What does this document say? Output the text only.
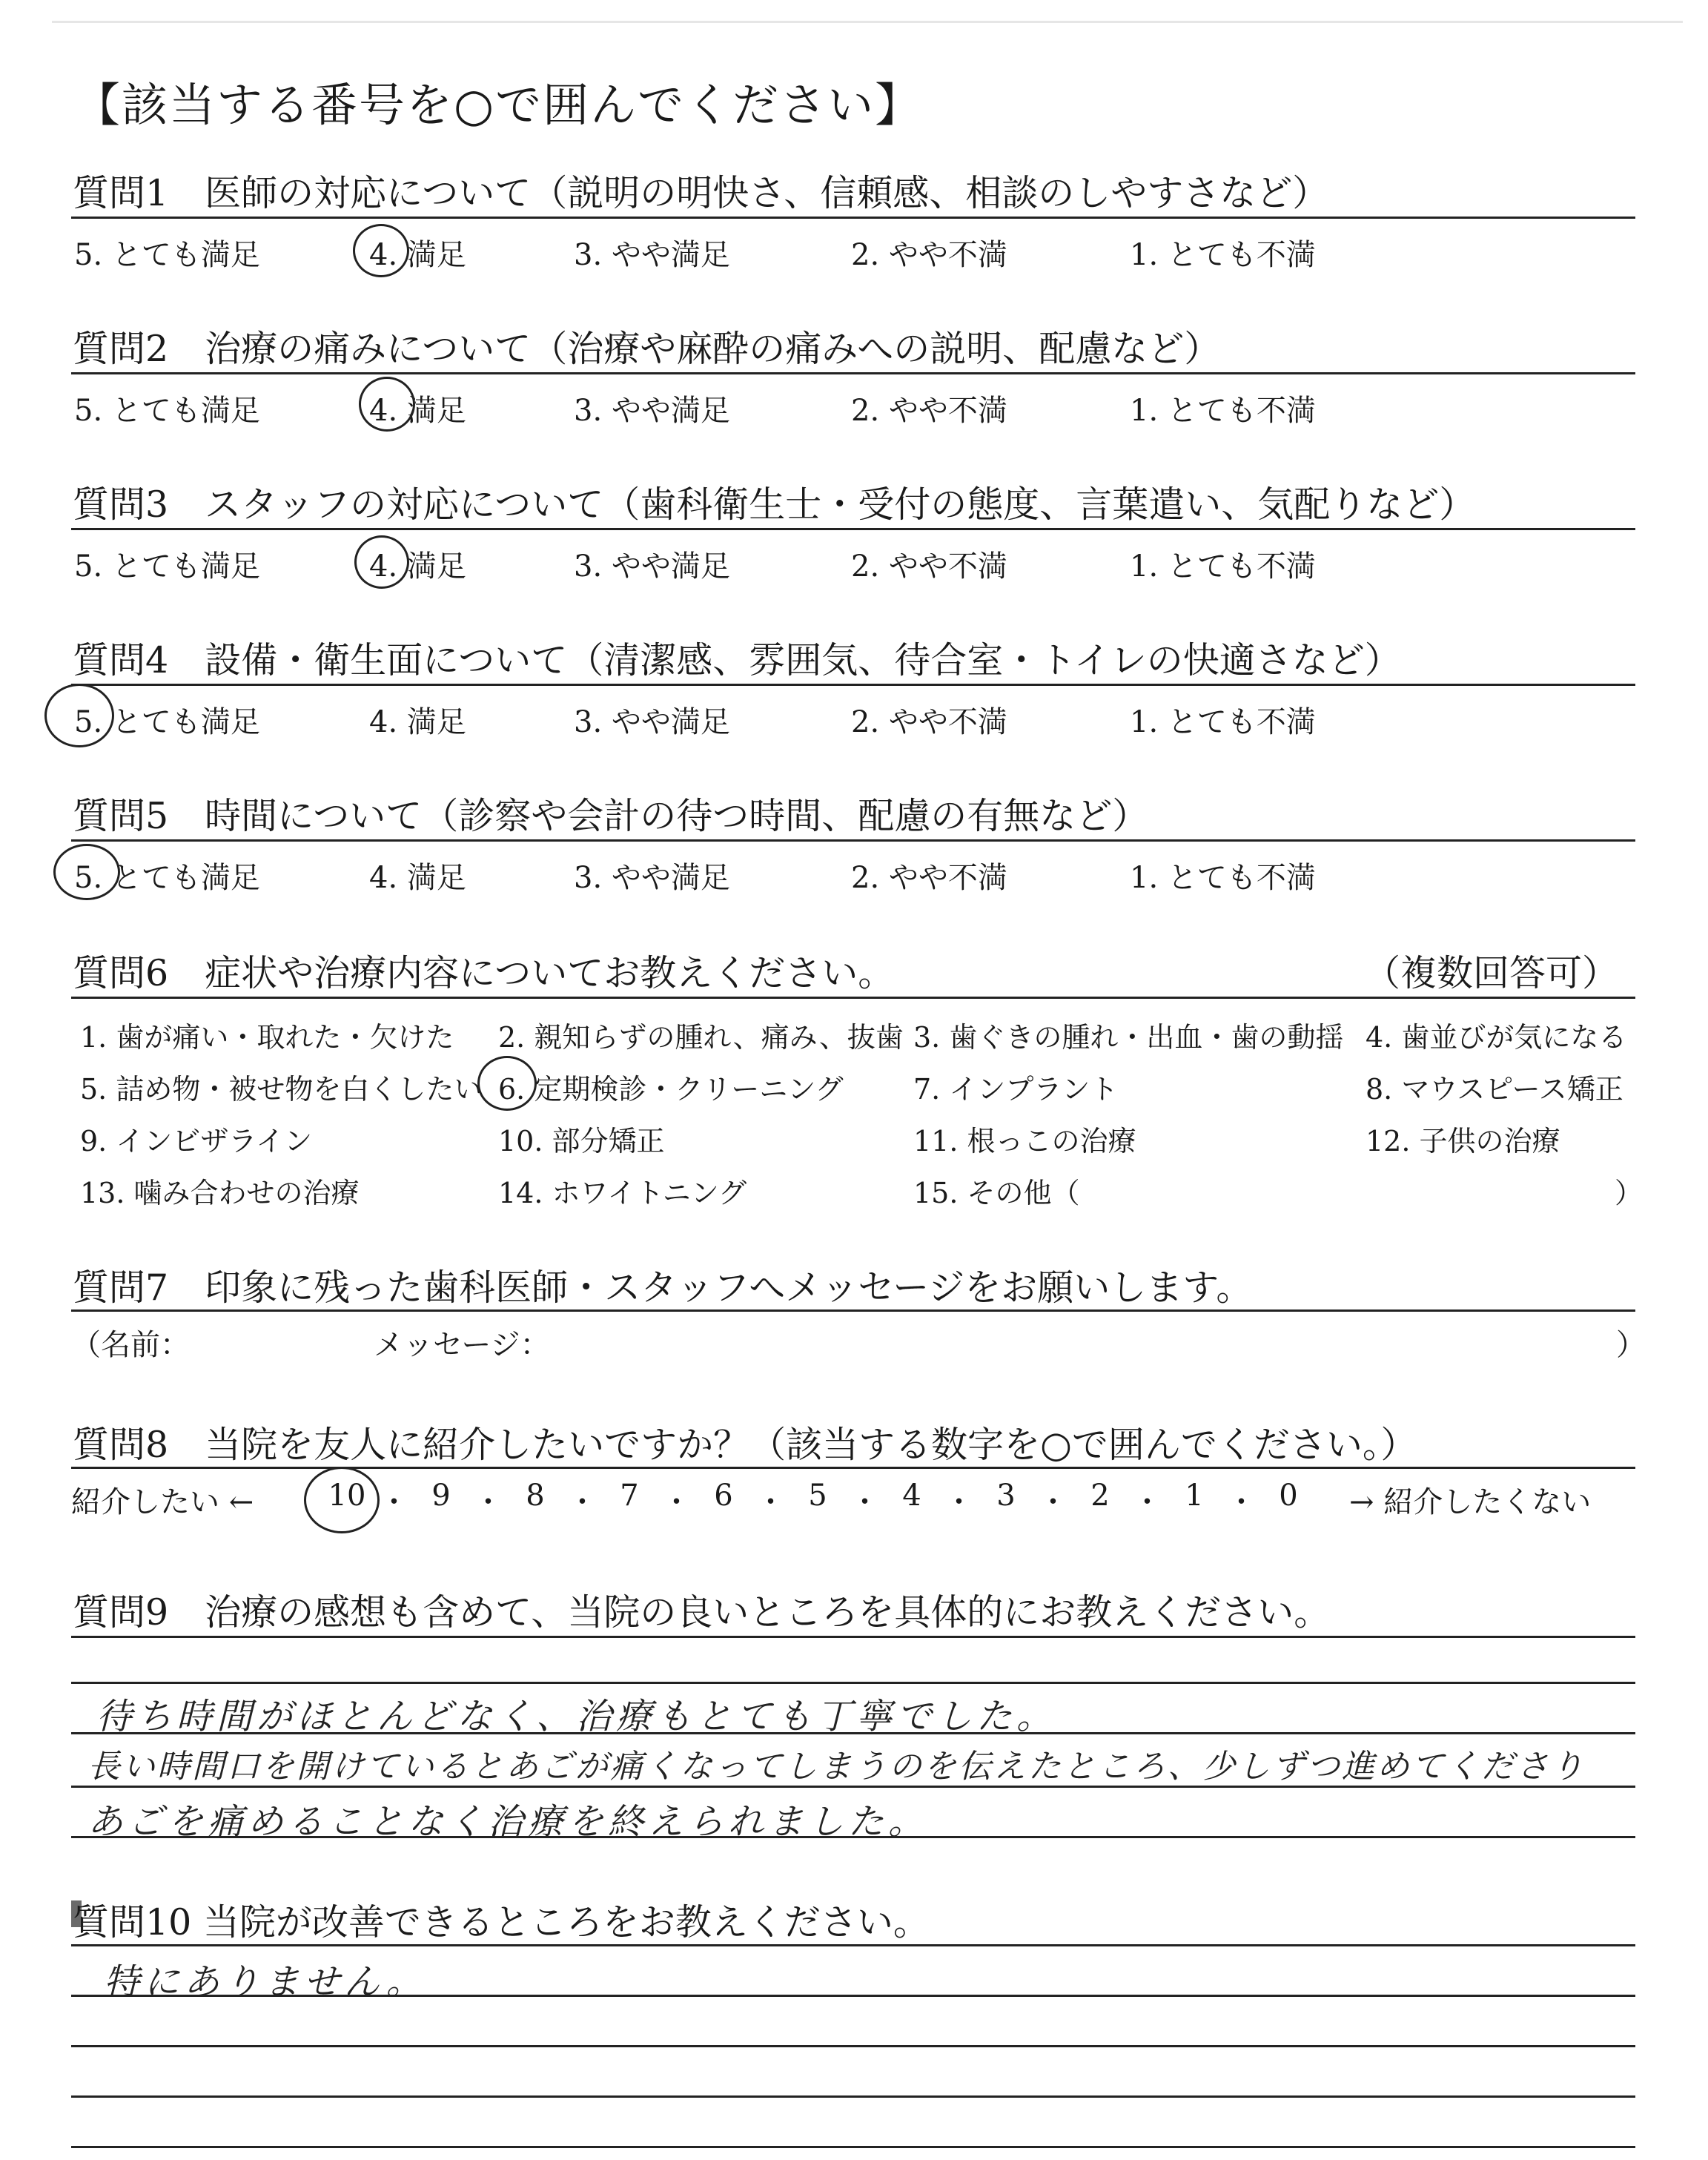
【該当する番号を○で囲んでください】
質問1　医師の対応について（説明の明快さ、信頼感、相談のしやすさなど）
5. とても満足	4. 満足	3. やや満足	2. やや不満	1. とても不満
質問2　治療の痛みについて（治療や麻酔の痛みへの説明、配慮など）
5. とても満足	4. 満足	3. やや満足	2. やや不満	1. とても不満
質問3　スタッフの対応について（歯科衛生士・受付の態度、言葉遣い、気配りなど）
5. とても満足	4. 満足	3. やや満足	2. やや不満	1. とても不満
質問4　設備・衛生面について（清潔感、雰囲気、待合室・トイレの快適さなど）
5. とても満足	4. 満足	3. やや満足	2. やや不満	1. とても不満
質問5　時間について（診察や会計の待つ時間、配慮の有無など）
5. とても満足	4. 満足	3. やや満足	2. やや不満	1. とても不満
質問6　症状や治療内容についてお教えください。	（複数回答可）
1. 歯が痛い・取れた・欠けた 2. 親知らずの腫れ、痛み、抜歯 3. 歯ぐきの腫れ・出血・歯の動揺 4. 歯並びが気になる
5. 詰め物・被せ物を白くしたい 6. 定期検診・クリーニング 7. インプラント	8. マウスピース矯正
9. インビザライン	10. 部分矯正	11. 根っこの治療	12. 子供の治療
13. 噛み合わせの治療	14. ホワイトニング	15. その他（	）
質問7　印象に残った歯科医師・スタッフへメッセージをお願いします。
（名前：	メッセージ：	）
質問8　当院を友人に紹介したいですか？（該当する数字を○で囲んでください。）
紹介したい ←	10 ・ 9 ・ 8 ・ 7 ・ 6 ・ 5 ・ 4 ・ 3 ・ 2 ・ 1 ・ 0	→ 紹介したくない
質問9　治療の感想も含めて、当院の良いところを具体的にお教えください。
待ち時間がほとんどなく、治療もとても丁寧でした。
長い時間口を開けているとあごが痛くなってしまうのを伝えたところ、少しずつ進めてくださり
あごを痛めることなく治療を終えられました。
質問10 当院が改善できるところをお教えください。
特にありません。
